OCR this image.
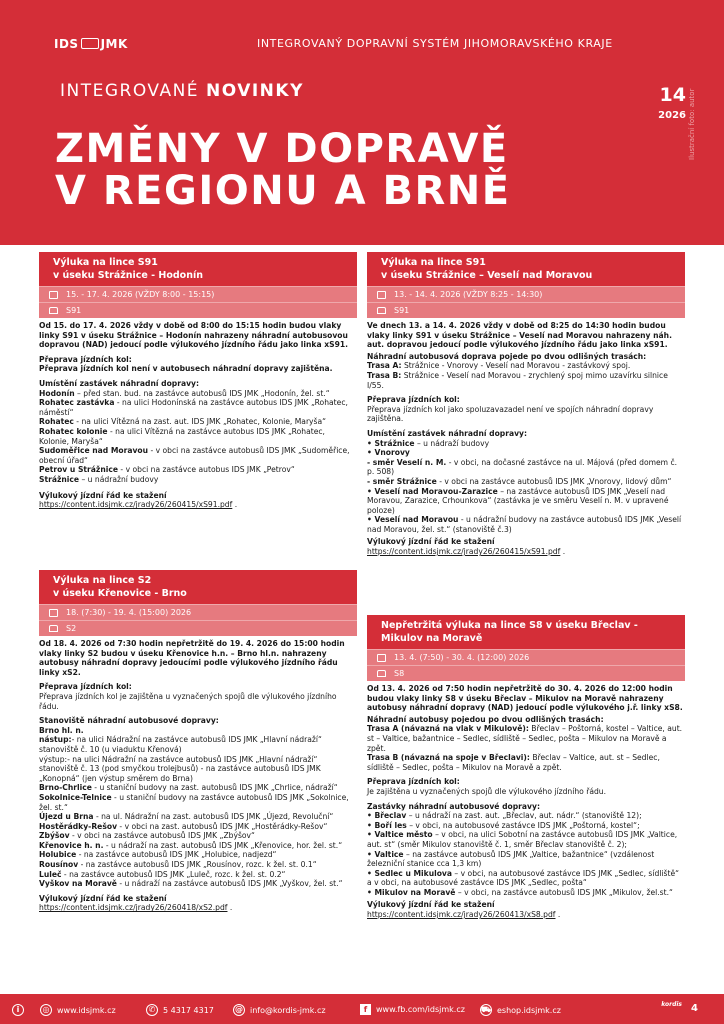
IDS JMK	INTEGROVANÝ DOPRAVNÍ SYSTÉM JIHOMORAVSKÉHO KRAJE
INTEGROVANÉ NOVINKY	14
2026
ZMĚNY V DOPRAVĚ
V REGIONU A BRNĚ
Ilustrační foto: autor
Výluka na lince S91
v úseku Strážnice - Hodonín
15. - 17. 4. 2026 (VŽDY 8:00 - 15:15)
S91

Od 15. do 17. 4. 2026 vždy v době od 8:00 do 15:15 hodin budou vlaky linky S91 v úseku Strážnice – Hodonín nahrazeny náhradní autobusovou dopravou (NAD) jedoucí podle výlukového jízdního řádu jako linka xS91.

Přeprava jízdních kol:

Přeprava jízdních kol není v autobusech náhradní dopravy zajištěna.

Umístění zastávek náhradní dopravy:
Hodonín – před stan. bud. na zastávce autobusů IDS JMK „Hodonín, žel. st.“
Rohatec zastávka - na ulici Hodonínská na zastávce autobus IDS JMK „Rohatec, náměstí“
Rohatec - na ulici Vítězná na zast. aut. IDS JMK „Rohatec, Kolonie, Maryša“
Rohatec kolonie - na ulici Vítězná na zastávce autobus IDS JMK „Rohatec, Kolonie, Maryša“
Sudoměřice nad Moravou - v obci na zastávce autobusů IDS JMK „Sudoměřice, obecní úřad“
Petrov u Strážnice - v obci na zastávce autobus IDS JMK „Petrov“
Strážnice – u nádražní budovy
Výlukový jízdní řád ke stažení
https://content.idsjmk.cz/jrady26/260415/xS91.pdf .
Výluka na lince S2
v úseku Křenovice - Brno
18. (7:30) - 19. 4. (15:00) 2026
S2

Od 18. 4. 2026 od 7:30 hodin nepřetržitě do 19. 4. 2026 do 15:00 hodin vlaky linky S2 budou v úseku Křenovice h.n. – Brno hl.n. nahrazeny autobusy náhradní dopravy jedoucími podle výlukového jízdního řádu linky xS2.

Přeprava jízdních kol:

Přeprava jízdních kol je zajištěna u vyznačených spojů dle výlukového jízdního řádu.

Stanoviště náhradní autobusové dopravy:
Brno hl. n.
nástup:- na ulici Nádražní na zastávce autobusů IDS JMK „Hlavní nádraží“ stanoviště č. 10 (u viaduktu Křenová)
výstup:- na ulici Nádražní na zastávce autobusů IDS JMK „Hlavní nádraží“ stanoviště č. 13 (pod smyčkou trolejbusů) - na zastávce autobusů IDS JMK „Konopná“ (jen výstup směrem do Brna)
Brno-Chrlice - u staniční budovy na zast. autobusů IDS JMK „Chrlice, nádraží“
Sokolnice-Telnice - u staniční budovy na zastávce autobusů IDS JMK „Sokolnice, žel. st.“
Újezd u Brna - na ul. Nádražní na zast. autobusů IDS JMK „Újezd, Revoluční“
Hostěrádky-Rešov - v obci na zast. autobusů IDS JMK „Hostěrádky-Rešov“
Zbýšov - v obci na zastávce autobusů IDS JMK „Zbýšov“
Křenovice h. n. - u nádraží na zast. autobusů IDS JMK „Křenovice, hor. žel. st.“
Holubice - na zastávce autobusů IDS JMK „Holubice, nadjezd“
Rousínov - na zastávce autobusů IDS JMK „Rousínov, rozc. k žel. st. 0.1“
Luleč - na zastávce autobusů IDS JMK „Luleč, rozc. k žel. st. 0.2“
Vyškov na Moravě - u nádraží na zastávce autobusů IDS JMK „Vyškov, žel. st.“
Výlukový jízdní řád ke stažení
https://content.idsjmk.cz/jrady26/260418/xS2.pdf .
Výluka na lince S91
v úseku Strážnice – Veselí nad Moravou
13. - 14. 4. 2026 (VŽDY 8:25 - 14:30)
S91

Ve dnech 13. a 14. 4. 2026 vždy v době od 8:25 do 14:30 hodin budou vlaky linky S91 v úseku Strážnice – Veselí nad Moravou nahrazeny náh. aut. dopravou jedoucí podle výlukového jízdního řádu jako linka xS91.

Náhradní autobusová doprava pojede po dvou odlišných trasách:
Trasa A: Strážnice - Vnorovy - Veselí nad Moravou - zastávkový spoj.
Trasa B: Strážnice - Veselí nad Moravou - zrychlený spoj mimo uzavírku silnice I/55.
Přeprava jízdních kol:

Přeprava jízdních kol jako spoluzavazadel není ve spojích náhradní dopravy zajištěna.

Umístění zastávek náhradní dopravy:
• Strážnice – u nádraží budovy
• Vnorovy
- směr Veselí n. M. - v obci, na dočasné zastávce na ul. Májová (před domem č. p. 508)
- směr Strážnice - v obci na zastávce autobusů IDS JMK „Vnorovy, lidový dům“
• Veselí nad Moravou-Zarazice – na zastávce autobusů IDS JMK „Veselí nad Moravou, Zarazice, Crhounkova“ (zastávka je ve směru Veselí n. M. v upravené poloze)
• Veselí nad Moravou - u nádražní budovy na zastávce autobusů IDS JMK „Veselí nad Moravou, žel. st.“ (stanoviště č.3)
Výlukový jízdní řád ke stažení
https://content.idsjmk.cz/jrady26/260415/xS91.pdf .
Nepřetržitá výluka na lince S8 v úseku Břeclav -
Mikulov na Moravě
13. 4. (7:50) - 30. 4. (12:00) 2026
S8

Od 13. 4. 2026 od 7:50 hodin nepřetržitě do 30. 4. 2026 do 12:00 hodin budou vlaky linky S8 v úseku Břeclav – Mikulov na Moravě nahrazeny autobusy náhradní dopravy (NAD) jedoucí podle výlukového j.ř. linky xS8.

Náhradní autobusy pojedou po dvou odlišných trasách:
Trasa A (návazná na vlak v Mikulově): Břeclav – Poštorná, kostel – Valtice, aut. st – Valtice, bažantnice – Sedlec, sídliště – Sedlec, pošta – Mikulov na Moravě a zpět.
Trasa B (návazná na spoje v Břeclavi): Břeclav – Valtice, aut. st – Sedlec, sídliště – Sedlec, pošta – Mikulov na Moravě a zpět.
Přeprava jízdních kol:

Je zajištěna u vyznačených spojů dle výlukového jízdního řádu.

Zastávky náhradní autobusové dopravy:
• Břeclav – u nádraží na zast. aut. „Břeclav, aut. nádr.“ (stanoviště 12);
• Boří les – v obci, na autobusové zastávce IDS JMK „Poštorná, kostel“;
• Valtice město – v obci, na ulici Sobotní na zastávce autobusů IDS JMK „Valtice, aut. st“ (směr Mikulov stanoviště č. 1, směr Břeclav stanoviště č. 2);
• Valtice – na zastávce autobusů IDS JMK „Valtice, bažantnice“ (vzdálenost železniční stanice cca 1,3 km)
• Sedlec u Mikulova – v obci, na autobusové zastávce IDS JMK „Sedlec, sídliště“ a v obci, na autobusové zastávce IDS JMK „Sedlec, pošta“
• Mikulov na Moravě – v obci, na zastávce autobusů IDS JMK „Mikulov, žel.st.“
Výlukový jízdní řád ke stažení
https://content.idsjmk.cz/jrady26/260413/xS8.pdf .
i	◎ www.idsjmk.cz	✆ 5 4317 4317	@ info@kordis-jmk.cz	f	www.fb.com/idsjmk.cz ⛟ eshop.idsjmk.cz
kordis 4
